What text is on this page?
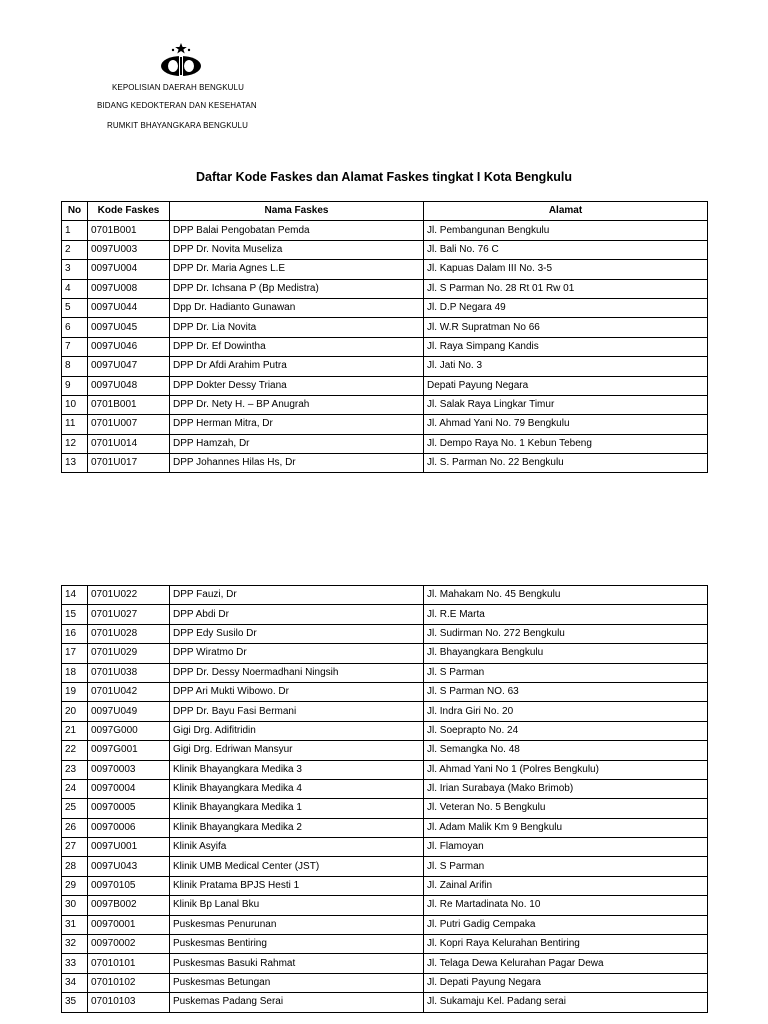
KEPOLISIAN DAERAH BENGKULU
BIDANG KEDOKTERAN DAN KESEHATAN
RUMKIT BHAYANGKARA BENGKULU
Daftar Kode Faskes dan Alamat Faskes tingkat I Kota Bengkulu
No	Kode Faskes	Nama Faskes	Alamat
1	0701B001	DPP Balai Pengobatan Pemda	Jl. Pembangunan Bengkulu
2	0097U003	DPP Dr. Novita Museliza	Jl. Bali No. 76 C
3	0097U004	DPP Dr. Maria Agnes L.E	Jl. Kapuas Dalam III No. 3-5
4	0097U008	DPP Dr. Ichsana P (Bp Medistra)	Jl. S Parman No. 28 Rt 01 Rw 01
5	0097U044	Dpp Dr. Hadianto Gunawan	Jl. D.P Negara 49
6	0097U045	DPP Dr. Lia Novita	Jl. W.R Supratman No 66
7	0097U046	DPP Dr. Ef Dowintha	Jl. Raya Simpang Kandis
8	0097U047	DPP Dr Afdi Arahim Putra	Jl. Jati No. 3
9	0097U048	DPP Dokter Dessy Triana	Depati Payung Negara
10	0701B001	DPP Dr. Nety H. – BP Anugrah	Jl. Salak Raya Lingkar Timur
11	0701U007	DPP Herman Mitra, Dr	Jl. Ahmad Yani No. 79 Bengkulu
12	0701U014	DPP Hamzah, Dr	Jl. Dempo Raya No. 1 Kebun Tebeng
13	0701U017	DPP Johannes Hilas Hs, Dr	Jl. S. Parman No. 22 Bengkulu
14	0701U022	DPP Fauzi, Dr	Jl. Mahakam No. 45 Bengkulu
15	0701U027	DPP Abdi Dr	Jl. R.E Marta
16	0701U028	DPP Edy Susilo Dr	Jl. Sudirman No. 272 Bengkulu
17	0701U029	DPP Wiratmo Dr	Jl. Bhayangkara Bengkulu
18	0701U038	DPP Dr. Dessy Noermadhani Ningsih	Jl. S Parman
19	0701U042	DPP Ari Mukti Wibowo. Dr	Jl. S Parman NO. 63
20	0097U049	DPP Dr. Bayu Fasi Bermani	Jl. Indra Giri No. 20
21	0097G000	Gigi Drg. Adifitridin	Jl. Soeprapto No. 24
22	0097G001	Gigi Drg. Edriwan Mansyur	Jl. Semangka No. 48
23	00970003	Klinik Bhayangkara Medika 3	Jl. Ahmad Yani No 1 (Polres Bengkulu)
24	00970004	Klinik Bhayangkara Medika 4	Jl. Irian Surabaya (Mako Brimob)
25	00970005	Klinik Bhayangkara Medika 1	Jl. Veteran No. 5 Bengkulu
26	00970006	Klinik Bhayangkara Medika 2	Jl. Adam Malik Km 9 Bengkulu
27	0097U001	Klinik Asyifa	Jl. Flamoyan
28	0097U043	Klinik UMB Medical Center (JST)	Jl. S Parman
29	00970105	Klinik Pratama BPJS Hesti 1	Jl. Zainal Arifin
30	0097B002	Klinik Bp Lanal Bku	Jl. Re Martadinata No. 10
31	00970001	Puskesmas Penurunan	Jl. Putri Gadig Cempaka
32	00970002	Puskesmas Bentiring	Jl. Kopri Raya Kelurahan Bentiring
33	07010101	Puskesmas Basuki Rahmat	Jl. Telaga Dewa Kelurahan Pagar Dewa
34	07010102	Puskesmas Betungan	Jl. Depati Payung Negara
35	07010103	Puskemas Padang Serai	Jl. Sukamaju Kel. Padang serai
